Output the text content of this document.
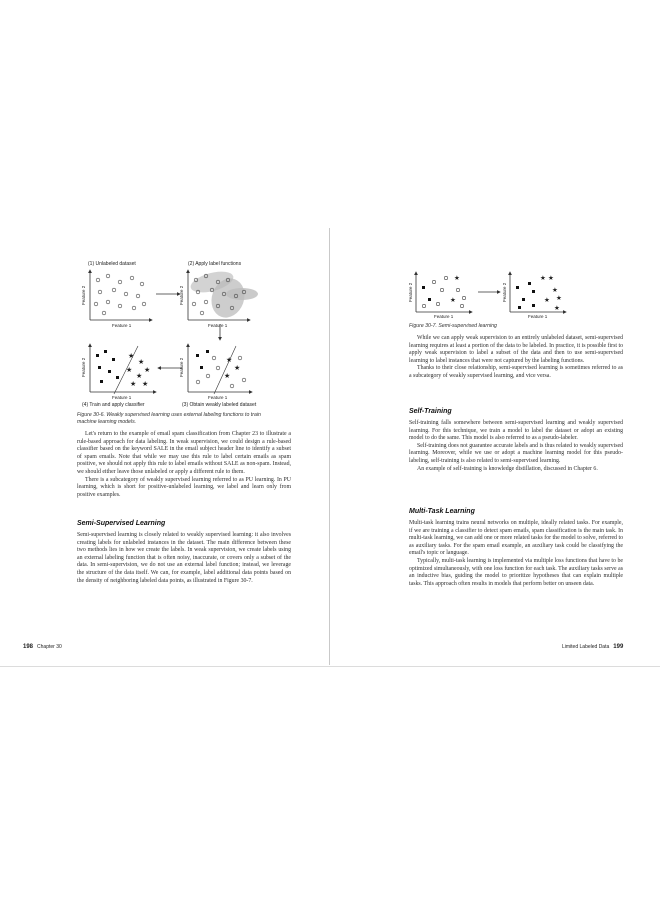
(1) Unlabeled dataset	(2) Apply label functions
(4) Train and apply classifier	(3) Obtain weakly labeled dataset
Feature 1
Feature 2
Feature 1
Feature 2
Feature 1
Feature 2
★
★
★
★
★
★ ★
Feature 1
Feature 2	★
★
★
Figure 30-6. Weakly supervised learning uses external labeling functions to train machine learning models.

Let's return to the example of email spam classification from Chapter 23 to illustrate a rule-based approach for data labeling. In weak supervision, we could design a rule-based classifier based on the keyword SALE in the email subject header line to identify a subset of spam emails. Note that while we may use this rule to label certain emails as spam positive, we should not apply this rule to label emails without SALE as non-spam. Instead, we should either leave those unlabeled or apply a different rule to them.

There is a subcategory of weakly supervised learning referred to as PU learning. In PU learning, which is short for positive-unlabeled learning, we label and learn only from positive examples.

Semi-Supervised Learning

Semi-supervised learning is closely related to weakly supervised learning: it also involves creating labels for unlabeled instances in the dataset. The main difference between these two methods lies in how we create the labels. In weak supervision, we create labels using an external labeling function that is often noisy, inaccurate, or covers only a subset of the data. In semi-supervision, we do not use an external label function; instead, we leverage the structure of the data itself. We can, for example, label additional data points based on the density of neighboring labeled data points, as illustrated in Figure 30-7.

198 Chapter 30
Feature 1
Feature 2
★
★
Feature 1
Feature 2
★
★
★
★
★
★
Figure 30-7. Semi-supervised learning

While we can apply weak supervision to an entirely unlabeled dataset, semi-supervised learning requires at least a portion of the data to be labeled. In practice, it is possible first to apply weak supervision to label a subset of the data and then to use semi-supervised learning to label instances that were not captured by the labeling functions.

Thanks to their close relationship, semi-supervised learning is sometimes referred to as a subcategory of weakly supervised learning, and vice versa.

Self-Training

Self-training falls somewhere between semi-supervised learning and weakly supervised learning. For this technique, we train a model to label the dataset or adopt an existing model to do the same. This model is also referred to as a pseudo-labeler.

Self-training does not guarantee accurate labels and is thus related to weakly supervised learning. Moreover, while we use or adopt a machine learning model for this pseudo-labeling, self-training is also related to semi-supervised learning.

An example of self-training is knowledge distillation, discussed in Chapter 6.

Multi-Task Learning

Multi-task learning trains neural networks on multiple, ideally related tasks. For example, if we are training a classifier to detect spam emails, spam classification is the main task. In multi-task learning, we can add one or more related tasks for the model to solve, referred to as auxiliary tasks. For the spam email example, an auxiliary task could be classifying the email's topic or language.

Typically, multi-task learning is implemented via multiple loss functions that have to be optimized simultaneously, with one loss function for each task. The auxiliary tasks serve as an inductive bias, guiding the model to prioritize hypotheses that can explain multiple tasks. This approach often results in models that perform better on unseen data.

Limited Labeled Data 199
